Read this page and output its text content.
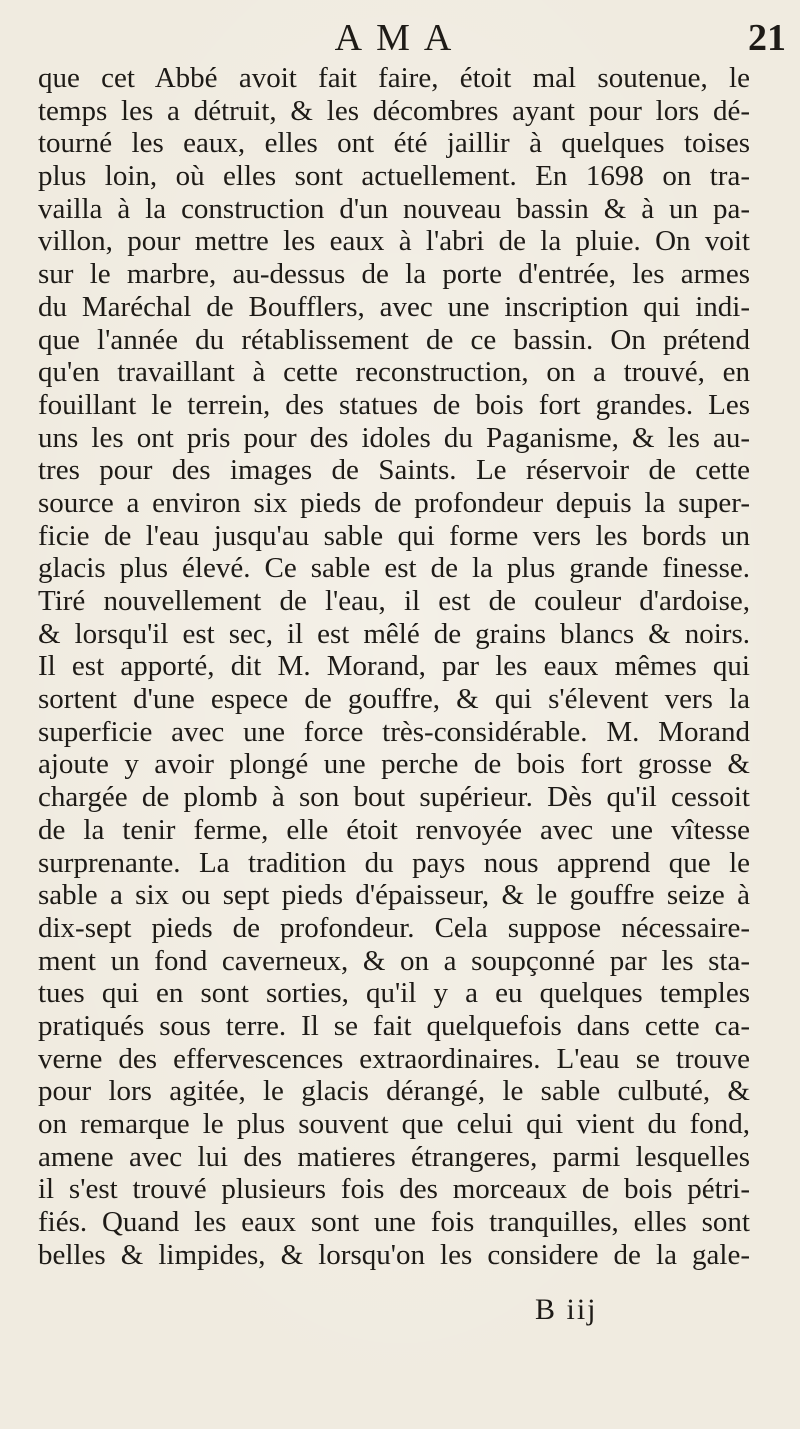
AMA	21
que cet Abbé avoit fait faire, étoit mal soutenue, le
temps les a détruit, & les décombres ayant pour lors dé-
tourné les eaux, elles ont été jaillir à quelques toises
plus loin, où elles sont actuellement. En 1698 on tra-
vailla à la construction d'un nouveau bassin & à un pa-
villon, pour mettre les eaux à l'abri de la pluie. On voit
sur le marbre, au-dessus de la porte d'entrée, les armes
du Maréchal de Boufflers, avec une inscription qui indi-
que l'année du rétablissement de ce bassin. On prétend
qu'en travaillant à cette reconstruction, on a trouvé, en
fouillant le terrein, des statues de bois fort grandes. Les
uns les ont pris pour des idoles du Paganisme, & les au-
tres pour des images de Saints. Le réservoir de cette
source a environ six pieds de profondeur depuis la super-
ficie de l'eau jusqu'au sable qui forme vers les bords un
glacis plus élevé. Ce sable est de la plus grande finesse.
Tiré nouvellement de l'eau, il est de couleur d'ardoise,
& lorsqu'il est sec, il est mêlé de grains blancs & noirs.
Il est apporté, dit M. Morand, par les eaux mêmes qui
sortent d'une espece de gouffre, & qui s'élevent vers la
superficie avec une force très-considérable. M. Morand
ajoute y avoir plongé une perche de bois fort grosse &
chargée de plomb à son bout supérieur. Dès qu'il cessoit
de la tenir ferme, elle étoit renvoyée avec une vîtesse
surprenante. La tradition du pays nous apprend que le
sable a six ou sept pieds d'épaisseur, & le gouffre seize à
dix-sept pieds de profondeur. Cela suppose nécessaire-
ment un fond caverneux, & on a soupçonné par les sta-
tues qui en sont sorties, qu'il y a eu quelques temples
pratiqués sous terre. Il se fait quelquefois dans cette ca-
verne des effervescences extraordinaires. L'eau se trouve
pour lors agitée, le glacis dérangé, le sable culbuté, &
on remarque le plus souvent que celui qui vient du fond,
amene avec lui des matieres étrangeres, parmi lesquelles
il s'est trouvé plusieurs fois des morceaux de bois pétri-
fiés. Quand les eaux sont une fois tranquilles, elles sont
belles & limpides, & lorsqu'on les considere de la gale-
B iij
